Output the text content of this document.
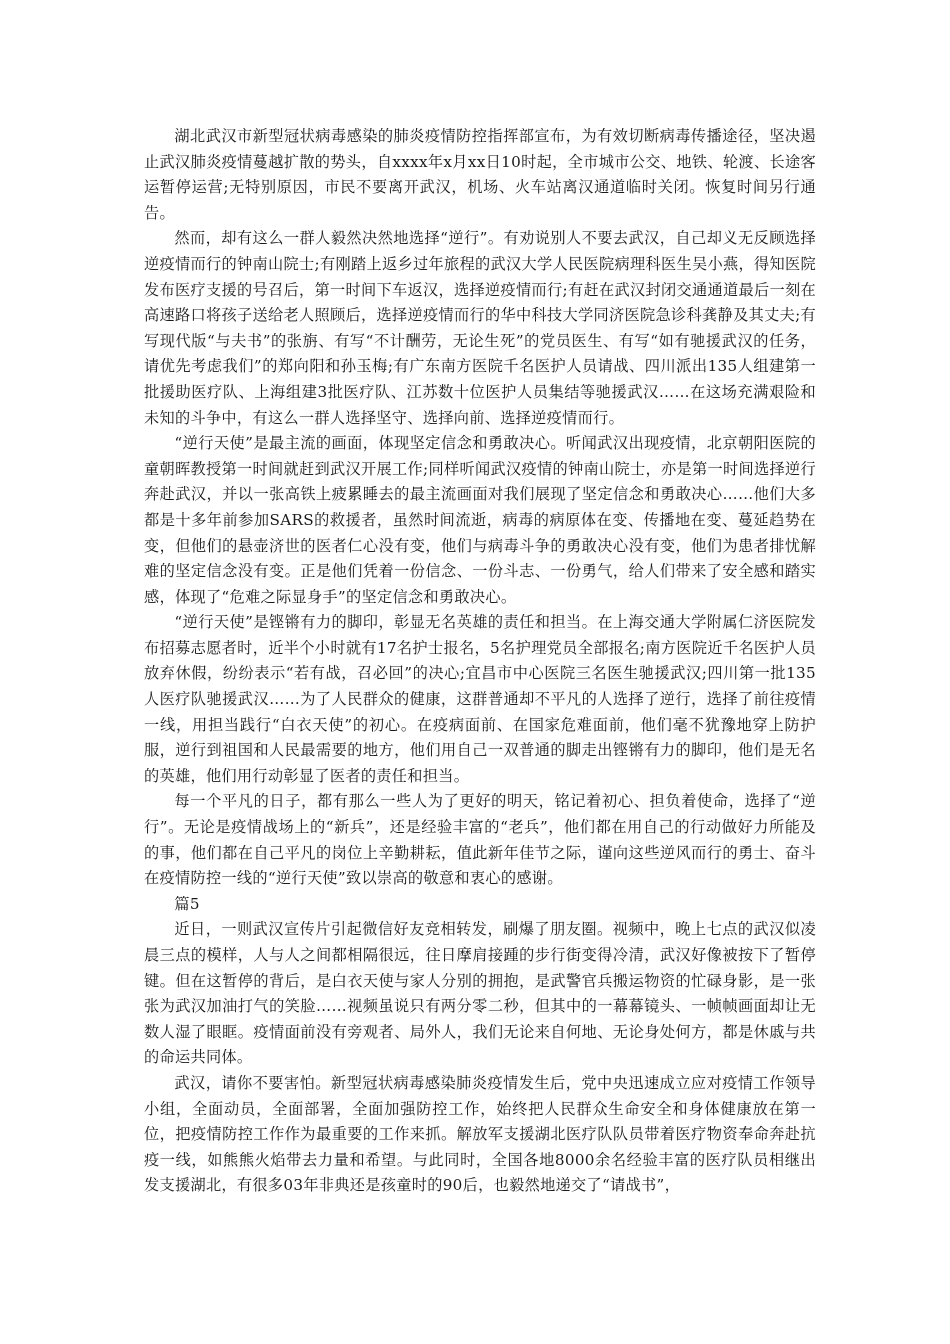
湖北武汉市新型冠状病毒感染的肺炎疫情防控指挥部宣布，为有效切断病毒传播途径，坚决遏止武汉肺炎疫情蔓越扩散的势头，自xxxx年x月xx日10时起，全市城市公交、地铁、轮渡、长途客运暂停运营;无特别原因，市民不要离开武汉，机场、火车站离汉通道临时关闭。恢复时间另行通告。

然而，却有这么一群人毅然决然地选择“逆行”。有劝说别人不要去武汉，自己却义无反顾选择逆疫情而行的钟南山院士;有刚踏上返乡过年旅程的武汉大学人民医院病理科医生吴小燕，得知医院发布医疗支援的号召后，第一时间下车返汉，选择逆疫情而行;有赶在武汉封闭交通通道最后一刻在高速路口将孩子送给老人照顾后，选择逆疫情而行的华中科技大学同济医院急诊科龚静及其丈夫;有写现代版“与夫书”的张旃、有写“不计酬劳，无论生死”的党员医生、有写“如有驰援武汉的任务，请优先考虑我们”的郑向阳和孙玉梅;有广东南方医院千名医护人员请战、四川派出135人组建第一批援助医疗队、上海组建3批医疗队、江苏数十位医护人员集结等驰援武汉……在这场充满艰险和未知的斗争中，有这么一群人选择坚守、选择向前、选择逆疫情而行。

“逆行天使”是最主流的画面，体现坚定信念和勇敢决心。听闻武汉出现疫情，北京朝阳医院的童朝晖教授第一时间就赶到武汉开展工作;同样听闻武汉疫情的钟南山院士，亦是第一时间选择逆行奔赴武汉，并以一张高铁上疲累睡去的最主流画面对我们展现了坚定信念和勇敢决心……他们大多都是十多年前参加SARS的救援者，虽然时间流逝，病毒的病原体在变、传播地在变、蔓延趋势在变，但他们的悬壶济世的医者仁心没有变，他们与病毒斗争的勇敢决心没有变，他们为患者排忧解难的坚定信念没有变。正是他们凭着一份信念、一份斗志、一份勇气，给人们带来了安全感和踏实感，体现了“危难之际显身手”的坚定信念和勇敢决心。

“逆行天使”是铿锵有力的脚印，彰显无名英雄的责任和担当。在上海交通大学附属仁济医院发布招募志愿者时，近半个小时就有17名护士报名，5名护理党员全部报名;南方医院近千名医护人员放弃休假，纷纷表示“若有战，召必回”的决心;宜昌市中心医院三名医生驰援武汉;四川第一批135人医疗队驰援武汉……为了人民群众的健康，这群普通却不平凡的人选择了逆行，选择了前往疫情一线，用担当践行“白衣天使”的初心。在疫病面前、在国家危难面前，他们毫不犹豫地穿上防护服，逆行到祖国和人民最需要的地方，他们用自己一双普通的脚走出铿锵有力的脚印，他们是无名的英雄，他们用行动彰显了医者的责任和担当。

每一个平凡的日子，都有那么一些人为了更好的明天，铭记着初心、担负着使命，选择了“逆行”。无论是疫情战场上的“新兵”，还是经验丰富的“老兵”，他们都在用自己的行动做好力所能及的事，他们都在自己平凡的岗位上辛勤耕耘，值此新年佳节之际，谨向这些逆风而行的勇士、奋斗在疫情防控一线的“逆行天使”致以崇高的敬意和衷心的感谢。

篇5

近日，一则武汉宣传片引起微信好友竞相转发，刷爆了朋友圈。视频中，晚上七点的武汉似凌晨三点的模样，人与人之间都相隔很远，往日摩肩接踵的步行街变得冷清，武汉好像被按下了暂停键。但在这暂停的背后，是白衣天使与家人分别的拥抱，是武警官兵搬运物资的忙碌身影，是一张张为武汉加油打气的笑脸……视频虽说只有两分零二秒，但其中的一幕幕镜头、一帧帧画面却让无数人湿了眼眶。疫情面前没有旁观者、局外人，我们无论来自何地、无论身处何方，都是休戚与共的命运共同体。

武汉，请你不要害怕。新型冠状病毒感染肺炎疫情发生后，党中央迅速成立应对疫情工作领导小组，全面动员，全面部署，全面加强防控工作，始终把人民群众生命安全和身体健康放在第一位，把疫情防控工作作为最重要的工作来抓。解放军支援湖北医疗队队员带着医疗物资奉命奔赴抗疫一线，如熊熊火焰带去力量和希望。与此同时，全国各地8000余名经验丰富的医疗队员相继出发支援湖北，有很多03年非典还是孩童时的90后，也毅然地递交了“请战书”，
